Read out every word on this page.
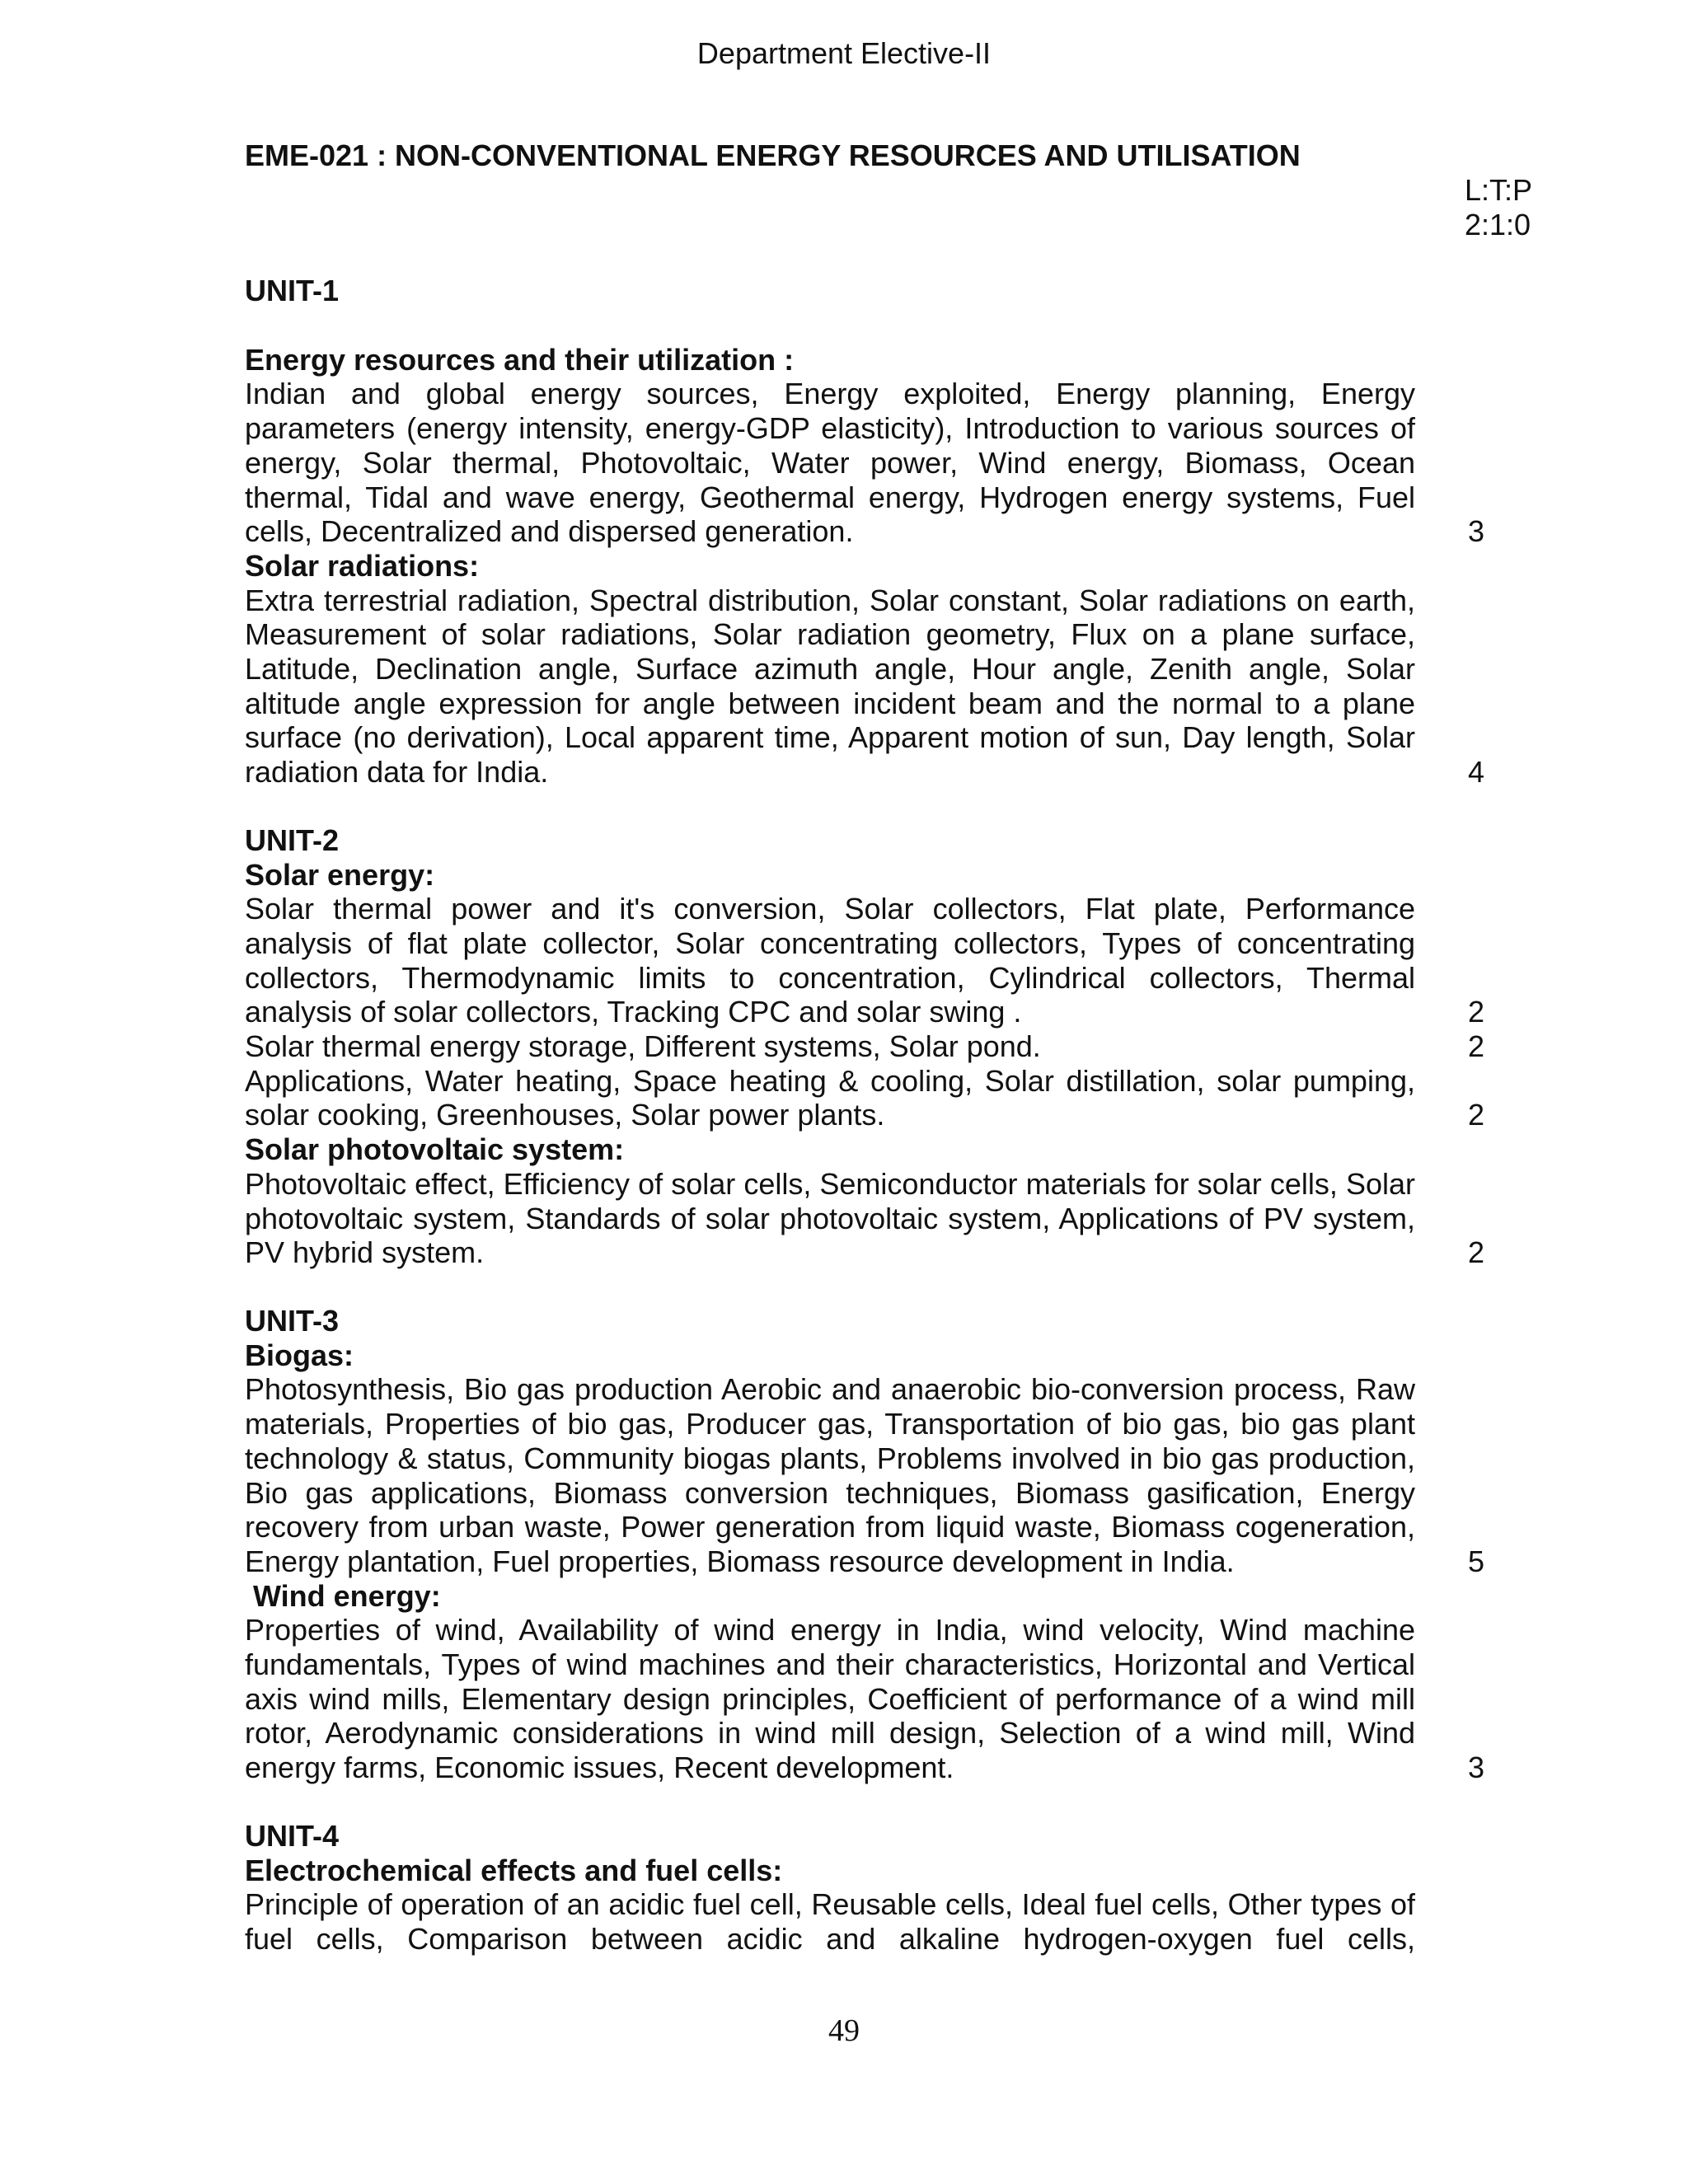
Department Elective-II
EME-021 : NON-CONVENTIONAL ENERGY RESOURCES AND UTILISATION
L:T:P
2:1:0
UNIT-1
Energy resources and their utilization :
Indian and global energy sources, Energy exploited, Energy planning, Energy parameters (energy intensity, energy-GDP elasticity), Introduction to various sources of energy, Solar thermal, Photovoltaic, Water power, Wind energy, Biomass, Ocean thermal, Tidal and wave energy, Geothermal energy, Hydrogen energy systems, Fuel cells, Decentralized and dispersed generation.	3
Solar radiations:
Extra terrestrial radiation, Spectral distribution, Solar constant, Solar radiations on earth, Measurement of solar radiations, Solar radiation geometry, Flux on a plane surface, Latitude, Declination angle, Surface azimuth angle, Hour angle, Zenith angle, Solar altitude angle expression for angle between incident beam and the normal to a plane surface (no derivation), Local apparent time, Apparent motion of sun, Day length, Solar radiation data for India.	4
UNIT-2
Solar energy:
Solar thermal power and it's conversion, Solar collectors, Flat plate, Performance analysis of flat plate collector, Solar concentrating collectors, Types of concentrating collectors, Thermodynamic limits to concentration, Cylindrical collectors, Thermal analysis of solar collectors, Tracking CPC and solar swing .	2
Solar thermal energy storage, Different systems, Solar pond.	2
Applications, Water heating, Space heating & cooling, Solar distillation, solar pumping, solar cooking, Greenhouses, Solar power plants.	2
Solar photovoltaic system:
Photovoltaic effect, Efficiency of solar cells, Semiconductor materials for solar cells, Solar photovoltaic system, Standards of solar photovoltaic system, Applications of PV system, PV hybrid system.	2
UNIT-3
Biogas:
Photosynthesis, Bio gas production Aerobic and anaerobic bio-conversion process, Raw materials, Properties of bio gas, Producer gas, Transportation of bio gas, bio gas plant technology & status, Community biogas plants, Problems involved in bio gas production, Bio gas applications, Biomass conversion techniques, Biomass gasification, Energy recovery from urban waste, Power generation from liquid waste, Biomass cogeneration, Energy plantation, Fuel properties, Biomass resource development in India.	5
Wind energy:
Properties of wind, Availability of wind energy in India, wind velocity, Wind machine fundamentals, Types of wind machines and their characteristics, Horizontal and Vertical axis wind mills, Elementary design principles, Coefficient of performance of a wind mill rotor, Aerodynamic considerations in wind mill design, Selection of a wind mill, Wind energy farms, Economic issues, Recent development.	3
UNIT-4
Electrochemical effects and fuel cells:
Principle of operation of an acidic fuel cell, Reusable cells, Ideal fuel cells, Other types of fuel cells, Comparison between acidic and alkaline hydrogen-oxygen fuel cells,
49
